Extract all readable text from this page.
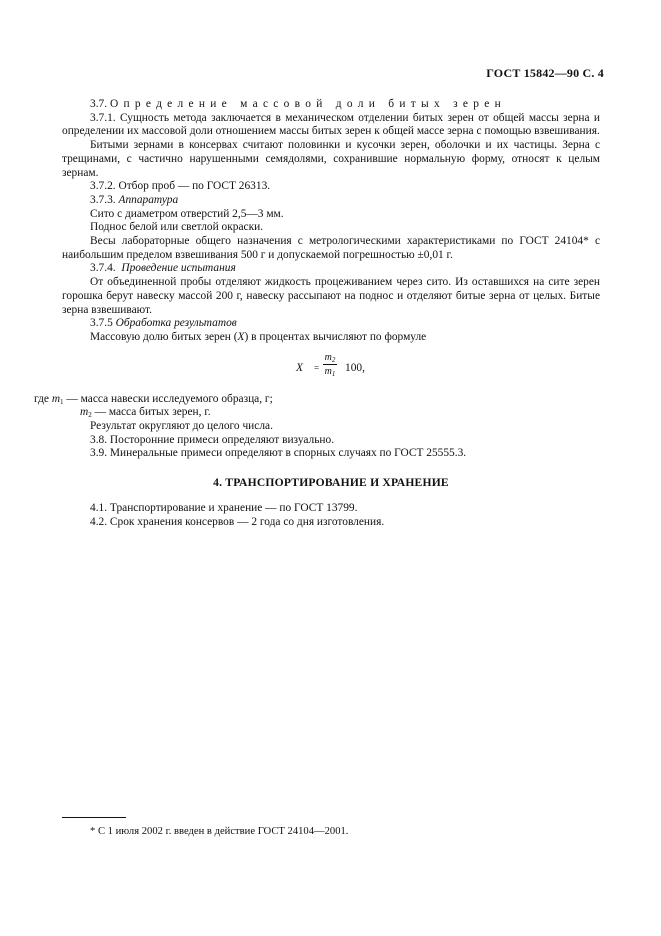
ГОСТ 15842—90 С. 4

3.7. Определение массовой доли битых зерен

3.7.1. Сущность метода заключается в механическом отделении битых зерен от общей массы зерна и определении их массовой доли отношением массы битых зерен к общей массе зерна с помощью взвешивания.

Битыми зернами в консервах считают половинки и кусочки зерен, оболочки и их частицы. Зерна с трещинами, с частично нарушенными семядолями, сохранившие нормальную форму, относят к целым зернам.

3.7.2. Отбор проб — по ГОСТ 26313.

3.7.3. Аппаратура

Сито с диаметром отверстий 2,5—3 мм.

Поднос белой или светлой окраски.

Весы лабораторные общего назначения с метрологическими характеристиками по ГОСТ 24104* с наибольшим пределом взвешивания 500 г и допускаемой погрешностью ±0,01 г.

3.7.4. Проведение испытания

От объединенной пробы отделяют жидкость процеживанием через сито. Из оставшихся на сите зерен горошка берут навеску массой 200 г, навеску рассыпают на поднос и отделяют битые зерна от целых. Битые зерна взвешивают.

3.7.5 Обработка результатов

Массовую долю битых зерен (X) в процентах вычисляют по формуле

$X = \frac{m_2}{m_1} 100$,

где $m_1$ — масса навески исследуемого образца, г;

$m_2$ — масса битых зерен, г.

Результат округляют до целого числа.

3.8. Посторонние примеси определяют визуально.

3.9. Минеральные примеси определяют в спорных случаях по ГОСТ 25555.3.

4. ТРАНСПОРТИРОВАНИЕ И ХРАНЕНИЕ

4.1. Транспортирование и хранение — по ГОСТ 13799.

4.2. Срок хранения консервов — 2 года со дня изготовления.

* С 1 июля 2002 г. введен в действие ГОСТ 24104—2001.
